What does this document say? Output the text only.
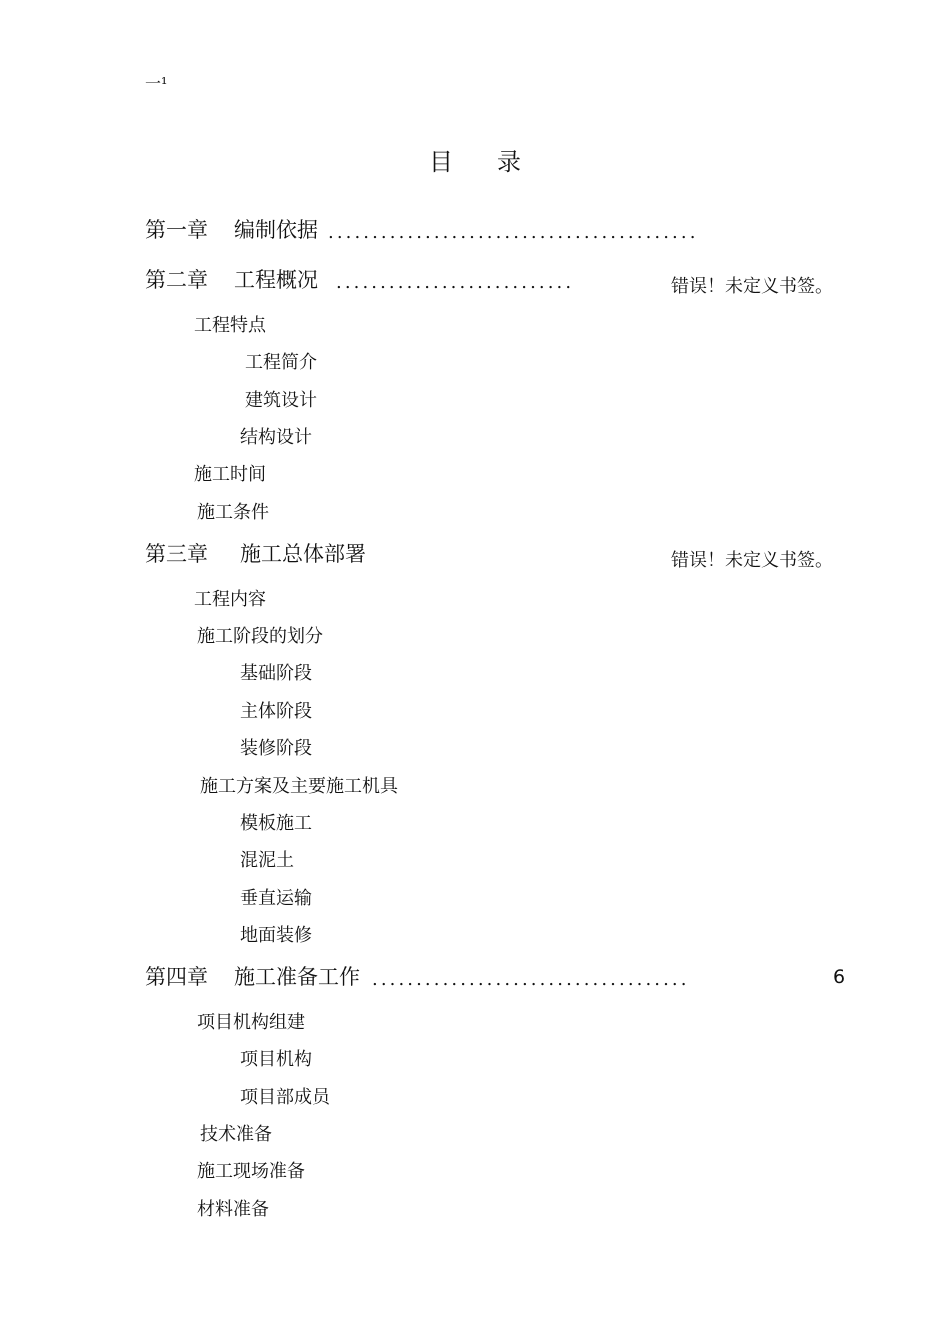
一¹
目录
第一章 编制依据 ..........................................
第二章 工程概况 ...........................	错误！未定义书签。
工程特点
工程简介
建筑设计
结构设计
施工时间
施工条件
第三章 施工总体部署	错误！未定义书签。
工程内容
施工阶段的划分
基础阶段
主体阶段
装修阶段
施工方案及主要施工机具
模板施工
混泥土
垂直运输
地面装修
第四章 施工准备工作 ....................................	6
项目机构组建
项目机构
项目部成员
技术准备
施工现场准备
材料准备
